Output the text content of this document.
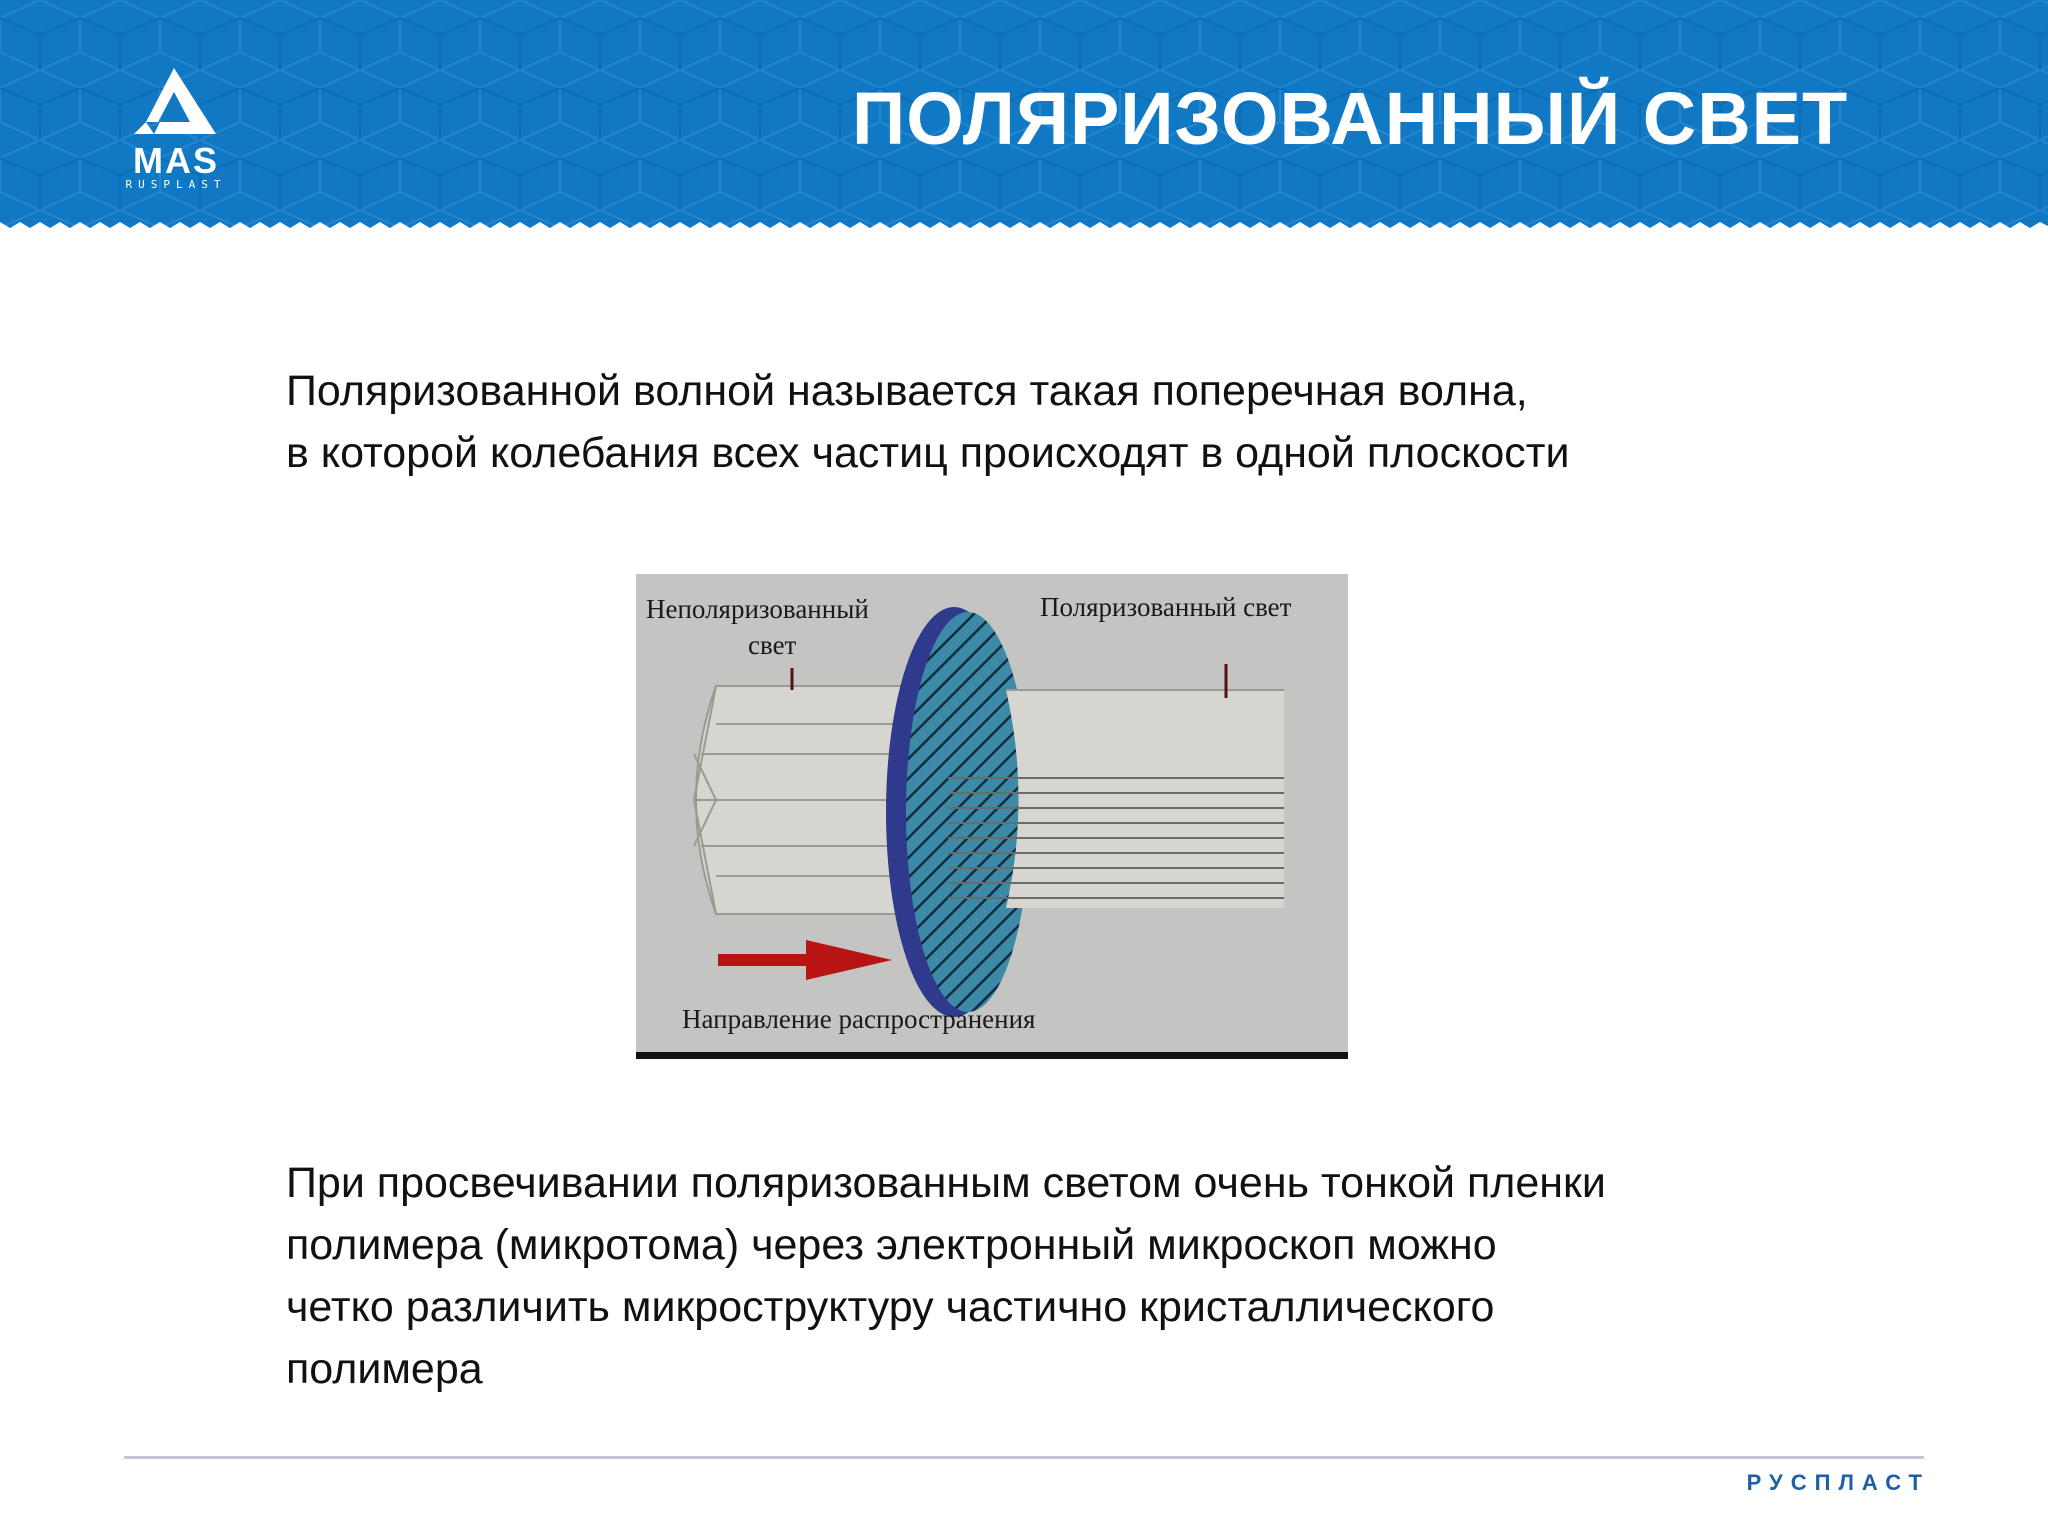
MAS
RUSPLAST
ПОЛЯРИЗОВАННЫЙ СВЕТ
Поляризованной волной называется такая поперечная волна,
в которой колебания всех частиц происходят в одной плоскости
Неполяризованный
свет
Поляризованный свет
Направление распространения
При просвечивании поляризованным светом очень тонкой пленки
полимера (микротома) через электронный микроскоп можно
четко различить микроструктуру частично кристаллического
полимера
РУСПЛАСТ
